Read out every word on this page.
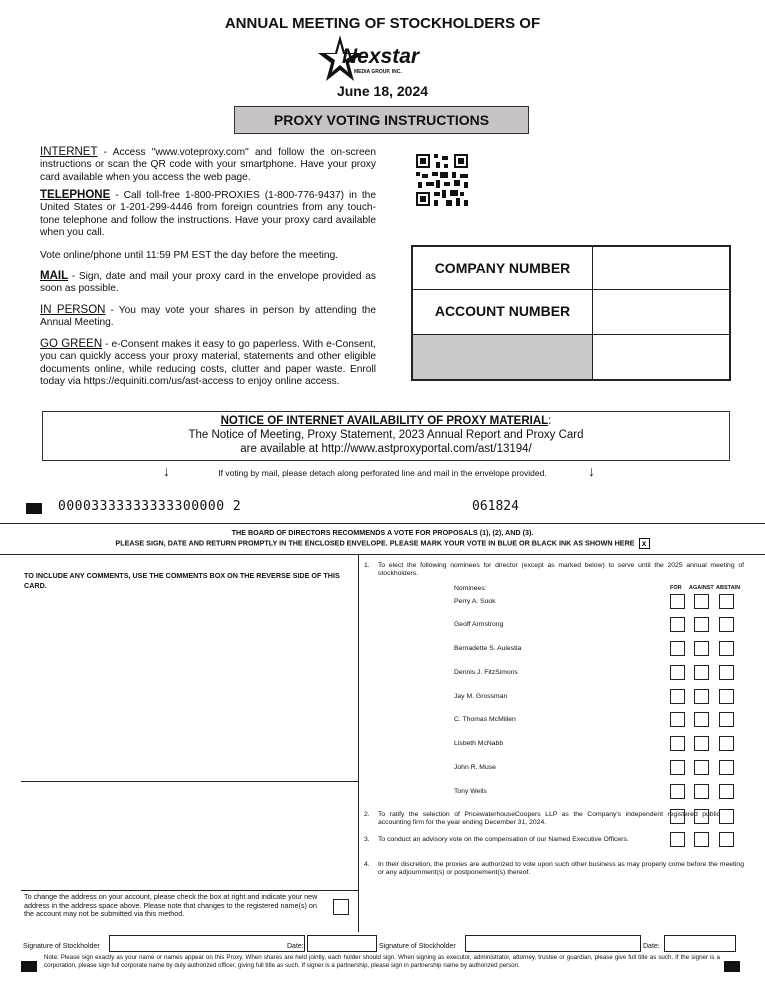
ANNUAL MEETING OF STOCKHOLDERS OF
Nexstar
MEDIA GROUP, INC.
June 18, 2024
PROXY VOTING INSTRUCTIONS
INTERNET - Access "www.voteproxy.com" and follow the on-screen instructions or scan the QR code with your smartphone. Have your proxy card available when you access the web page.
TELEPHONE - Call toll-free 1-800-PROXIES (1-800-776-9437) in the United States or 1-201-299-4446 from foreign countries from any touch-tone telephone and follow the instructions. Have your proxy card available when you call.
Vote online/phone until 11:59 PM EST the day before the meeting.
MAIL - Sign, date and mail your proxy card in the envelope provided as soon as possible.
IN PERSON - You may vote your shares in person by attending the Annual Meeting.
GO GREEN - e-Consent makes it easy to go paperless. With e-Consent, you can quickly access your proxy material, statements and other eligible documents online, while reducing costs, clutter and paper waste. Enroll today via https://equiniti.com/us/ast-access to enjoy online access.
COMPANY NUMBER
ACCOUNT NUMBER
NOTICE OF INTERNET AVAILABILITY OF PROXY MATERIAL:
The Notice of Meeting, Proxy Statement, 2023 Annual Report and Proxy Card
are available at http://www.astproxyportal.com/ast/13194/
↓	↓
If voting by mail, please detach along perforated line and mail in the envelope provided.
00003333333333300000 2	061824
THE BOARD OF DIRECTORS RECOMMENDS A VOTE FOR PROPOSALS (1), (2), AND (3).
PLEASE SIGN, DATE AND RETURN PROMPTLY IN THE ENCLOSED ENVELOPE. PLEASE MARK YOUR VOTE IN BLUE OR BLACK INK AS SHOWN HERE x
TO INCLUDE ANY COMMENTS, USE THE COMMENTS BOX ON THE REVERSE SIDE OF THIS CARD.
To change the address on your account, please check the box at right and indicate your new address in the address space above. Please note that changes to the registered name(s) on the account may not be submitted via this method.
1. To elect the following nominees for director (except as marked below) to serve until the 2025 annual meeting of stockholders.
Nominees:	FOR AGAINST ABSTAIN
Perry A. Sook
Geoff Armstrong
Bernadette S. Aulestia
Dennis J. FitzSimons
Jay M. Grossman
C. Thomas McMillen
Lisbeth McNabb
John R. Muse
Tony Wells
2. To ratify the selection of PricewaterhouseCoopers LLP as the Company's independent registered public accounting firm for the year ending December 31, 2024.
3. To conduct an advisory vote on the compensation of our Named Executive Officers.
4. In their discretion, the proxies are authorized to vote upon such other business as may properly come before the meeting or any adjournment(s) or postponement(s) thereof.
Signature of Stockholder	Date:	Signature of Stockholder	Date:
Note: Please sign exactly as your name or names appear on this Proxy. When shares are held jointly, each holder should sign. When signing as executor, administrator, attorney, trustee or guardian, please give full title as such. If the signer is a corporation, please sign full corporate name by duly authorized officer, giving full title as such. If signer is a partnership, please sign in partnership name by authorized person.
